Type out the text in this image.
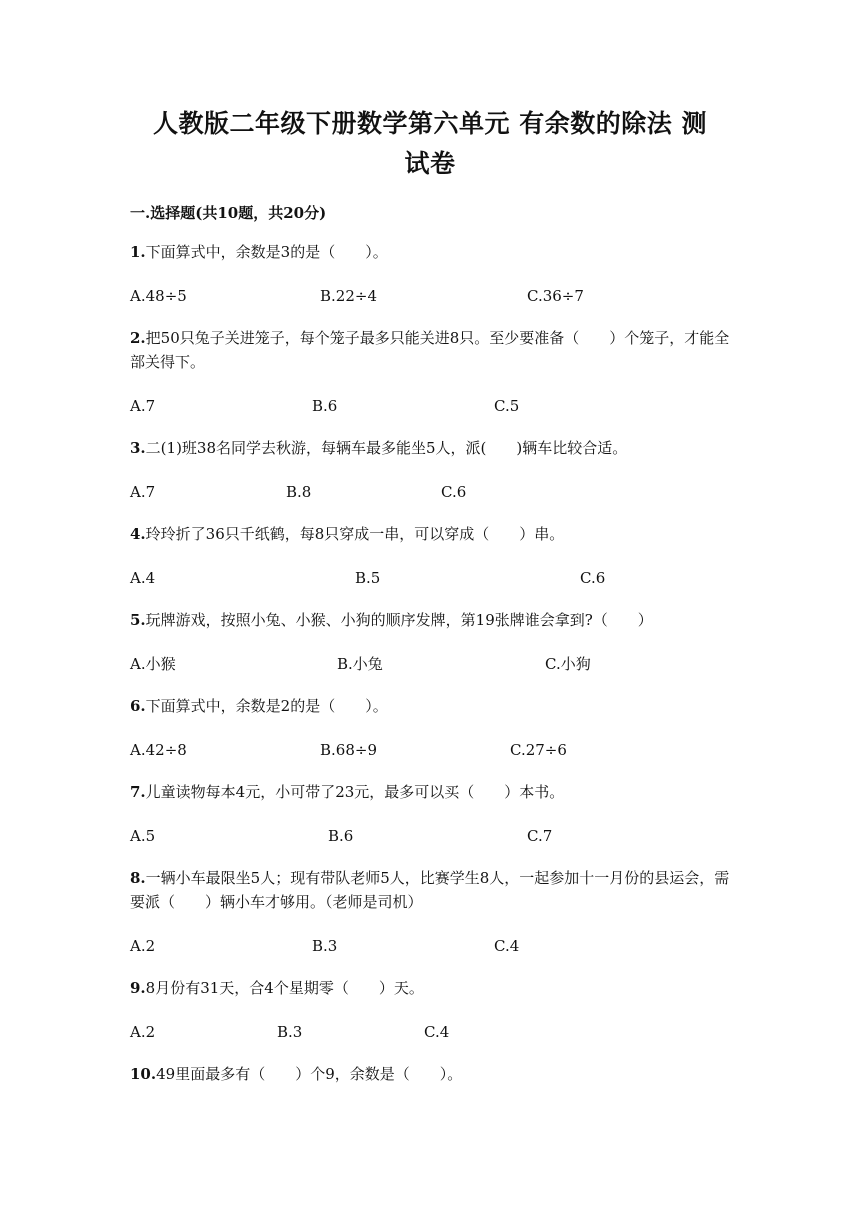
人教版二年级下册数学第六单元 有余数的除法 测
试卷
一.选择题(共10题，共20分)
1.下面算式中，余数是3的是（　　）。
A.48÷5	B.22÷4	C.36÷7
2.把50只兔子关进笼子，每个笼子最多只能关进8只。至少要准备（　　）个笼子，才能全部关得下。
A.7	B.6	C.5
3.二(1)班38名同学去秋游，每辆车最多能坐5人，派(　　)辆车比较合适。
A.7	B.8	C.6
4.玲玲折了36只千纸鹤，每8只穿成一串，可以穿成（　　）串。
A.4	B.5	C.6
5.玩牌游戏，按照小兔、小猴、小狗的顺序发牌，第19张牌谁会拿到?（　　）
A.小猴	B.小兔	C.小狗
6.下面算式中，余数是2的是（　　）。
A.42÷8	B.68÷9	C.27÷6
7.儿童读物每本4元，小可带了23元，最多可以买（　　）本书。
A.5	B.6	C.7
8.一辆小车最限坐5人；现有带队老师5人，比赛学生8人，一起参加十一月份的县运会，需要派（　　）辆小车才够用。（老师是司机）
A.2	B.3	C.4
9.8月份有31天，合4个星期零（　　）天。
A.2	B.3	C.4
10.49里面最多有（　　）个9，余数是（　　）。
